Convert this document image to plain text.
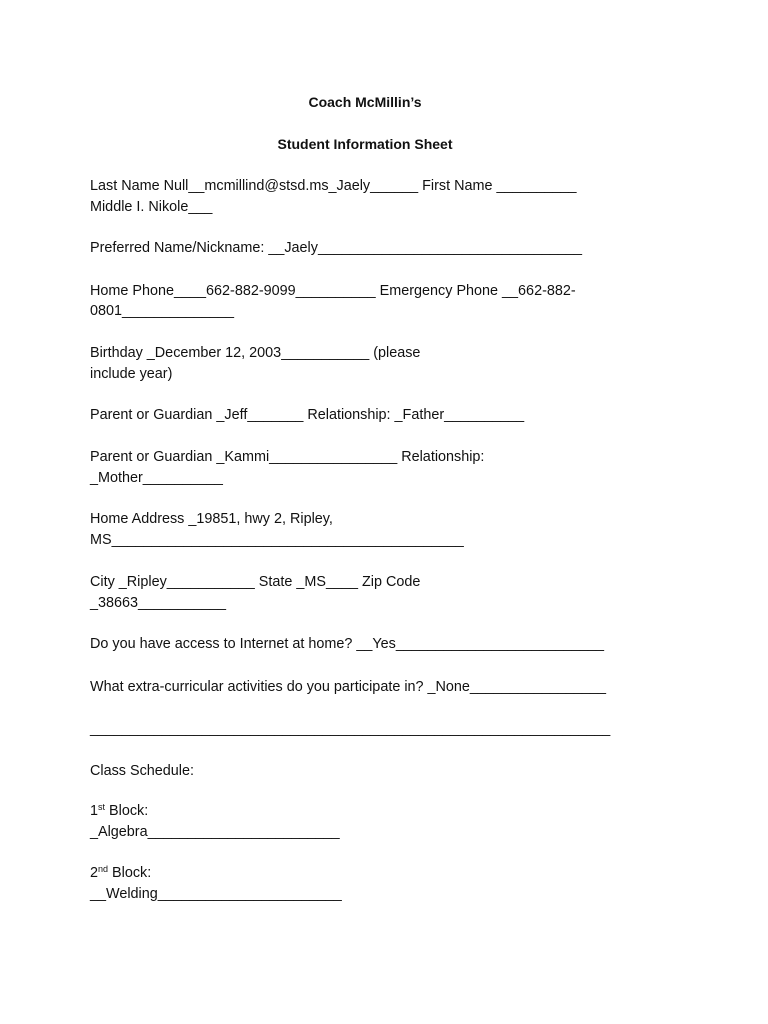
Coach McMillin’s
Student Information Sheet
Last Name Null__mcmillind@stsd.ms_Jaely______ First Name __________
Middle I. Nikole___
Preferred Name/Nickname: __Jaely_________________________________
Home Phone____662-882-9099__________ Emergency Phone __662-882-
0801______________
Birthday _December 12, 2003___________ (please
include year)
Parent or Guardian _Jeff_______ Relationship: _Father__________
Parent or Guardian _Kammi________________ Relationship:
_Mother__________
Home Address _19851, hwy 2, Ripley,
MS____________________________________________
City _Ripley___________ State _MS____ Zip Code
_38663___________
Do you have access to Internet at home? __Yes__________________________
What extra-curricular activities do you participate in? _None_________________
_________________________________________________________________
Class Schedule:
1st Block:
_Algebra________________________
2nd Block:
__Welding_______________________
